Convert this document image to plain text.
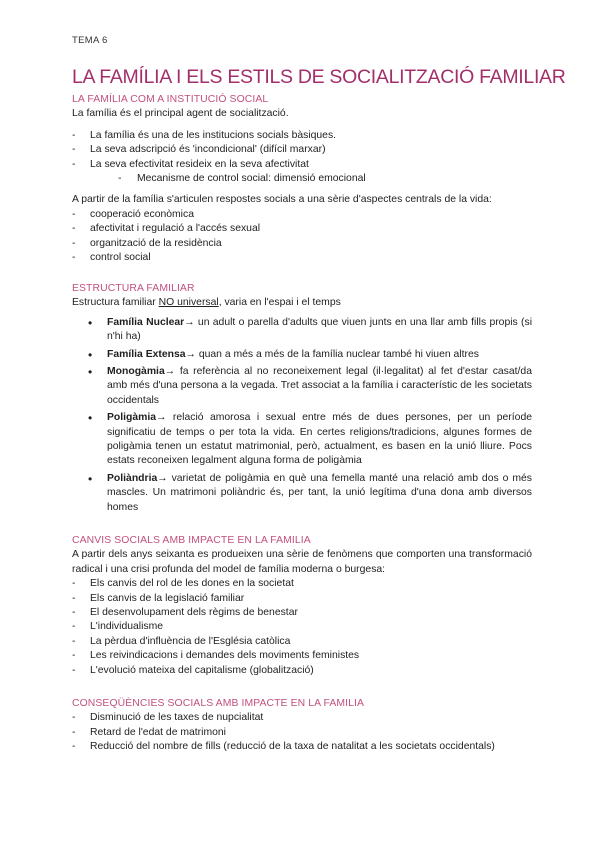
TEMA 6
LA FAMÍLIA I ELS ESTILS DE SOCIALITZACIÓ FAMILIAR
LA FAMÍLIA COM A INSTITUCIÓ SOCIAL

La família és el principal agent de socialització.

- La família és una de les institucions socials bàsiques.
- La seva adscripció és 'incondicional' (difícil marxar)
- La seva efectivitat resideix en la seva afectivitat
- Mecanisme de control social: dimensió emocional

A partir de la família s'articulen respostes socials a una sèrie d'aspectes centrals de la vida:

- cooperació econòmica
- afectivitat i regulació a l'accés sexual
- organització de la residència
- control social
ESTRUCTURA FAMILIAR

Estructura familiar NO universal, varia en l'espai i el temps

• Família Nuclear→ un adult o parella d'adults que viuen junts en una llar amb fills propis (si n'hi ha)
• Família Extensa→ quan a més a més de la família nuclear també hi viuen altres
• Monogàmia→ fa referència al no reconeixement legal (il·legalitat) al fet d'estar casat/da amb més d'una persona a la vegada. Tret associat a la família i característic de les societats occidentals
• Poligàmia→ relació amorosa i sexual entre més de dues persones, per un període significatiu de temps o per tota la vida. En certes religions/tradicions, algunes formes de poligàmia tenen un estatut matrimonial, però, actualment, es basen en la unió lliure. Pocs estats reconeixen legalment alguna forma de poligàmia
• Poliàndria→ varietat de poligàmia en què una femella manté una relació amb dos o més mascles. Un matrimoni poliàndric és, per tant, la unió legítima d'una dona amb diversos homes
CANVIS SOCIALS AMB IMPACTE EN LA FAMILIA

A partir dels anys seixanta es produeixen una sèrie de fenòmens que comporten una transformació radical i una crisi profunda del model de família moderna o burgesa:

- Els canvis del rol de les dones en la societat
- Els canvis de la legislació familiar
- El desenvolupament dels règims de benestar
- L'individualisme
- La pèrdua d'influència de l'Església catòlica
- Les reivindicacions i demandes dels moviments feministes
- L'evolució mateixa del capitalisme (globalització)
CONSEQÜÈNCIES SOCIALS AMB IMPACTE EN LA FAMILIA
- Disminució de les taxes de nupcialitat
- Retard de l'edat de matrimoni
- Reducció del nombre de fills (reducció de la taxa de natalitat a les societats occidentals)
